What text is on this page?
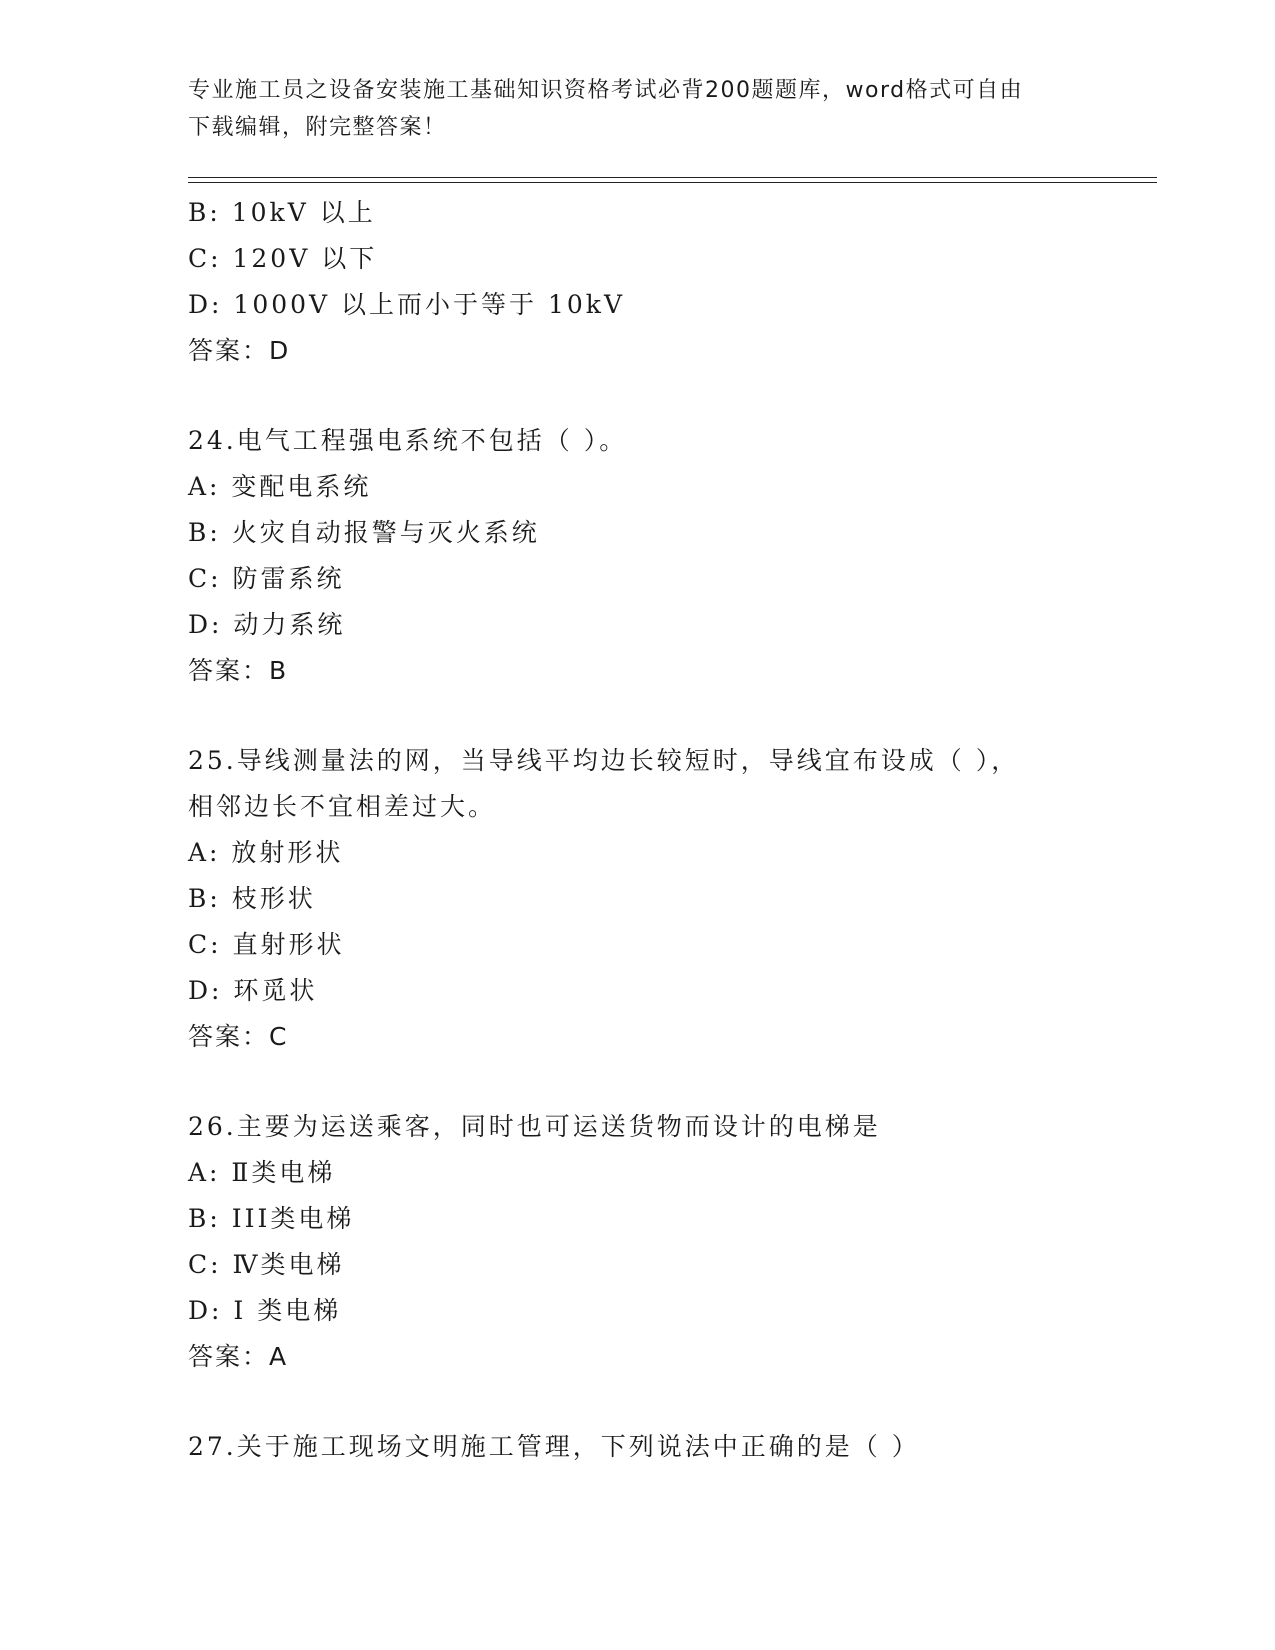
专业施工员之设备安装施工基础知识资格考试必背200题题库，word格式可自由
下载编辑，附完整答案！
B: 10kV 以上
C: 120V 以下
D: 1000V 以上而小于等于 10kV
答案：D
24.电气工程强电系统不包括（ ）。
A: 变配电系统
B: 火灾自动报警与灭火系统
C: 防雷系统
D: 动力系统
答案：B
25.导线测量法的网，当导线平均边长较短时，导线宜布设成（ ），
相邻边长不宜相差过大。
A: 放射形状
B: 枝形状
C: 直射形状
D: 环觅状
答案：C
26.主要为运送乘客，同时也可运送货物而设计的电梯是
A: Ⅱ类电梯
B: III类电梯
C: Ⅳ类电梯
D: I 类电梯
答案：A
27.关于施工现场文明施工管理，下列说法中正确的是（ ）
